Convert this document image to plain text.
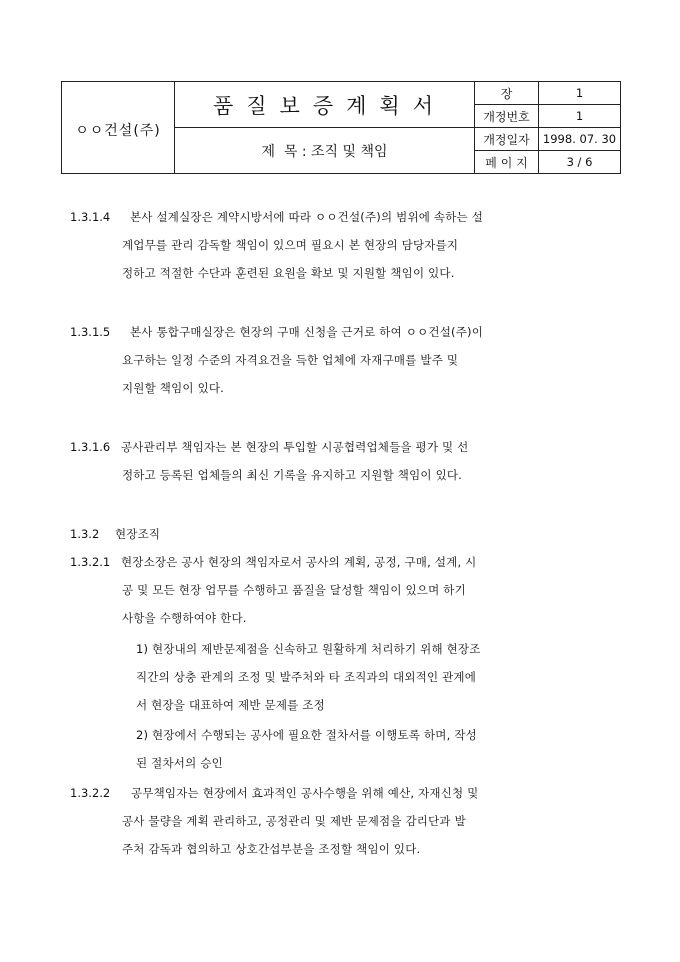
ㅇㅇ건설(주)	품질보증계획서	장	1
		개정번호	1
	제  목 : 조직 및 책임	개정일자	1998. 07. 30
		페 이 지	3 / 6
1.3.1.4 본사 설계실장은 계약시방서에 따라 ㅇㅇ건설(주)의 범위에 속하는 설
계업무를 관리 감독할 책임이 있으며 필요시 본 현장의 담당자를지
정하고 적절한 수단과 훈련된 요원을 확보 및 지원할 책임이 있다.
1.3.1.5 본사 통합구매실장은 현장의 구매 신청을 근거로 하여 ㅇㅇ건설(주)이
요구하는 일정 수준의 자격요건을 득한 업체에 자재구매를 발주 및
지원할 책임이 있다.
1.3.1.6 공사관리부 책임자는 본 현장의 투입할 시공협력업체들을 평가 및 선
정하고 등록된 업체들의 최신 기록을 유지하고 지원할 책임이 있다.
1.3.2 현장조직
1.3.2.1 현장소장은 공사 현장의 책임자로서 공사의 계획, 공정, 구매, 설계, 시
공 및 모든 현장 업무를 수행하고 품질을 달성할 책임이 있으며 하기
사항을 수행하여야 한다.
1) 현장내의 제반문제점을 신속하고 원활하게 처리하기 위해 현장조
직간의 상충 관계의 조정 및 발주처와 타 조직과의 대외적인 관계에
서 현장을 대표하여 제반 문제를 조정
2) 현장에서 수행되는 공사에 필요한 절차서를 이행토록 하며, 작성
된 절차서의 승인
1.3.2.2 공무책임자는 현장에서 효과적인 공사수행을 위해 예산, 자재신청 및
공사 물량을 계획 관리하고, 공정관리 및 제반 문제점을 감리단과 발
주처 감독과 협의하고 상호간섭부분을 조정할 책임이 있다.
